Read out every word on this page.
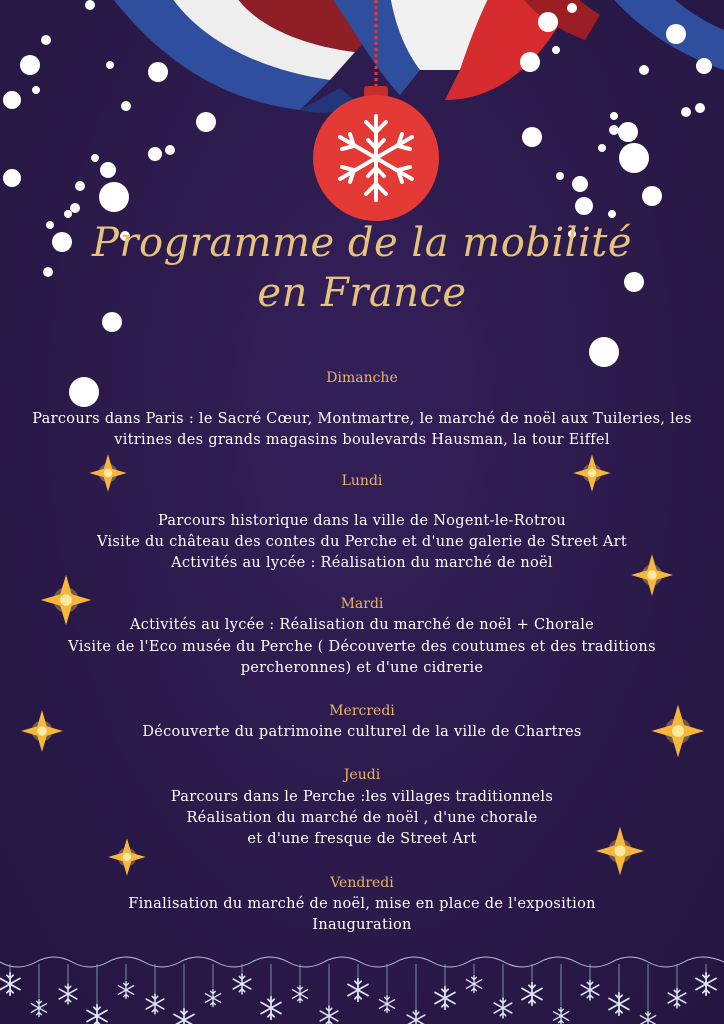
Programme de la mobilité
en France
Dimanche
Parcours dans Paris : le Sacré Cœur, Montmartre, le marché de noël aux Tuileries, les
vitrines des grands magasins boulevards Hausman, la tour Eiffel
Lundi
Parcours historique dans la ville de Nogent-le-Rotrou
Visite du château des contes du Perche et d'une galerie de Street Art
Activités au lycée : Réalisation du marché de noël
Mardi
Activités au lycée : Réalisation du marché de noël + Chorale
Visite de l'Eco musée du Perche ( Découverte des coutumes et des traditions
percheronnes) et d'une cidrerie
Mercredi
Découverte du patrimoine culturel de la ville de Chartres
Jeudi
Parcours dans le Perche :les villages traditionnels
Réalisation du marché de noël , d'une chorale
et d'une fresque de Street Art
Vendredi
Finalisation du marché de noël, mise en place de l'exposition
Inauguration
